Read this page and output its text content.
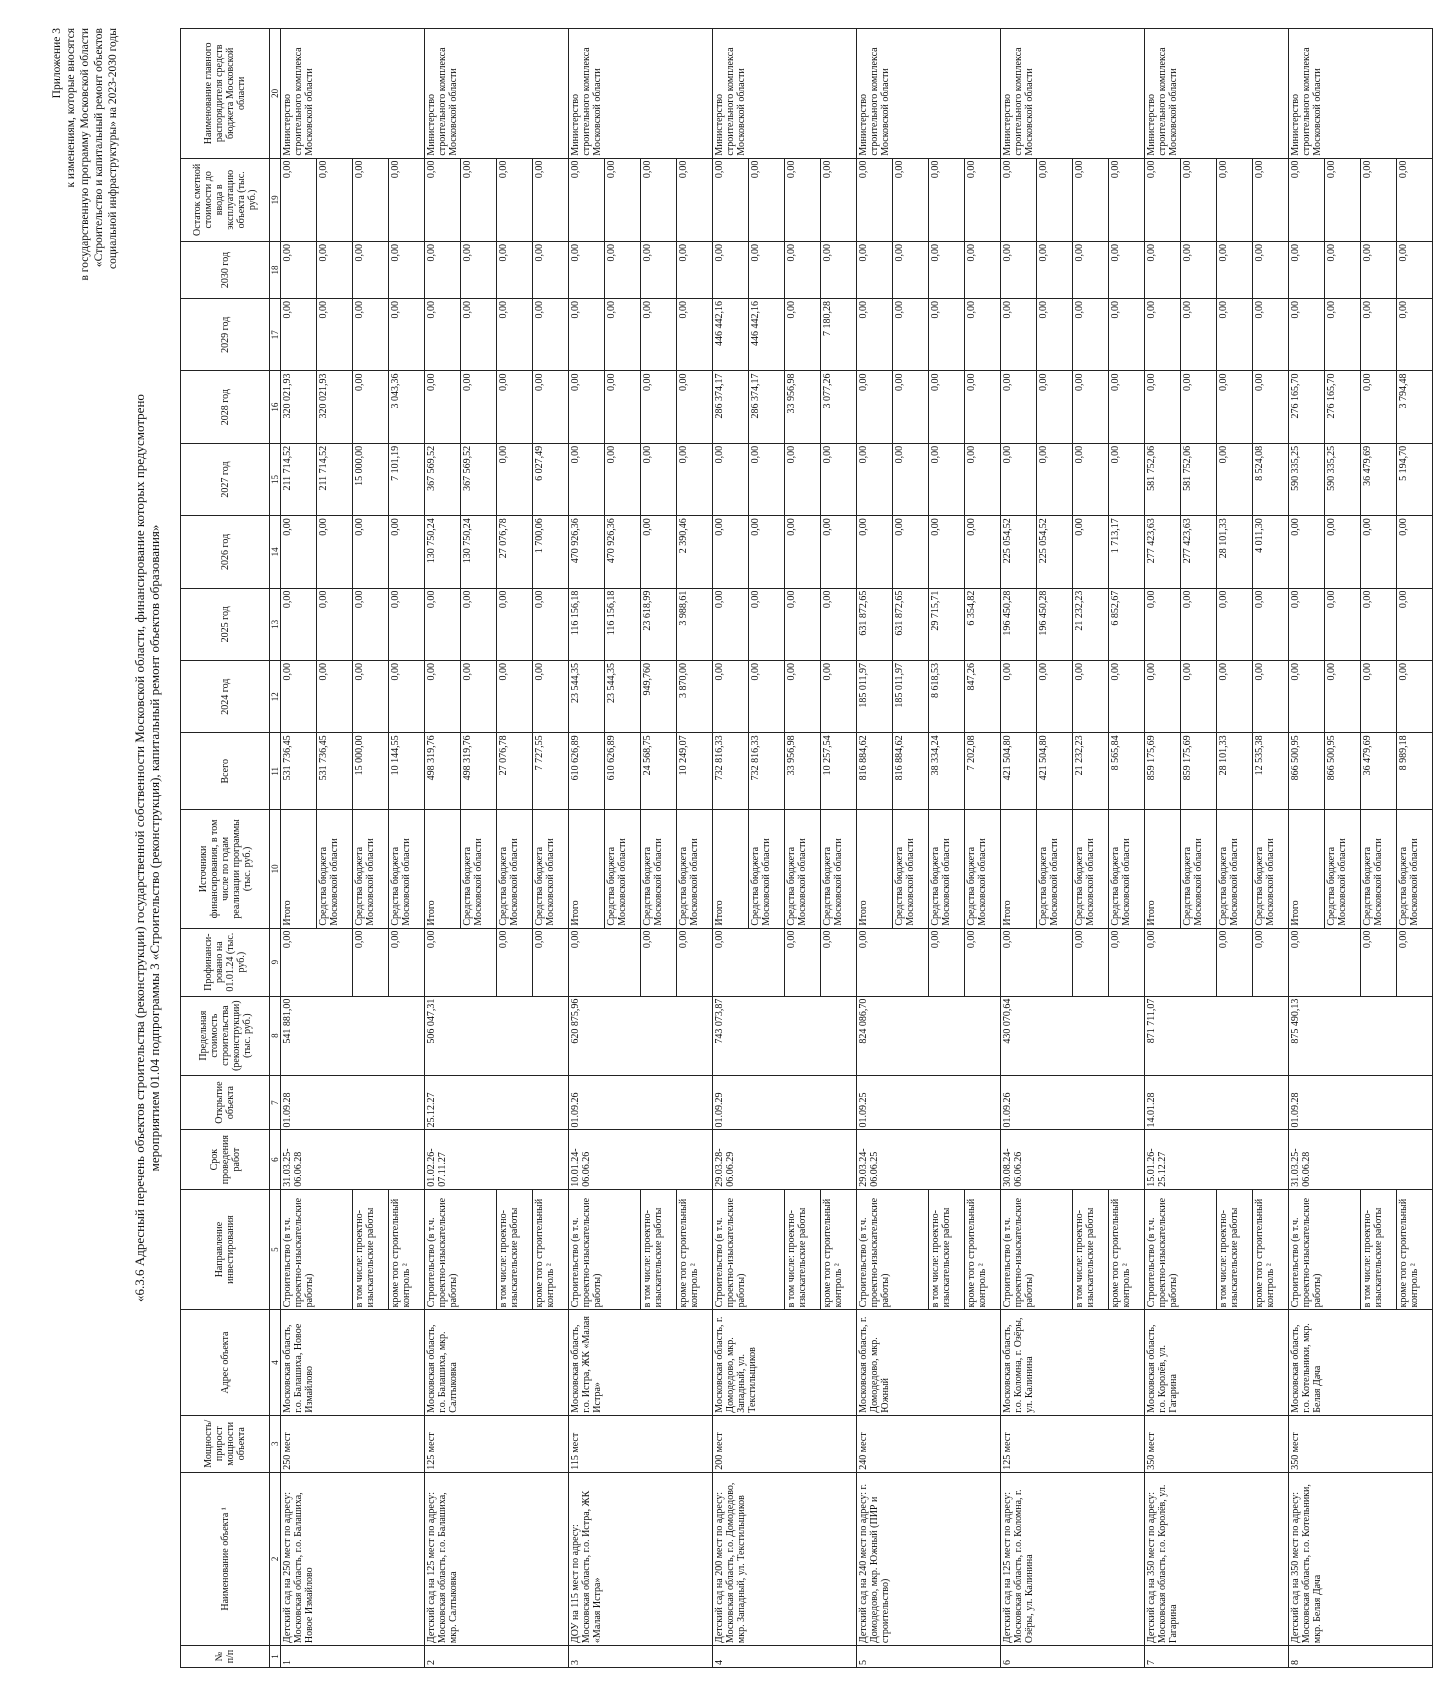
Приложение 3 к изменениям, которые вносятся в государственную программу Московской области «Строительство и капитальный ремонт объектов социальной инфраструктуры» на 2023-2030 годы
«6.3.6 Адресный перечень объектов строительства (реконструкции) государственной собственности Московской области, финансирование которых предусмотрено мероприятием 01.04 подпрограммы 3 «Строительство (реконструкция), капитальный ремонт объектов образования»
№ п/п	Наименование объекта ¹	Мощность/ прирост мощности объекта	Адрес объекта	Направление инвестирования	Срок проведения работ	Открытие объекта	Предельная стоимость строительства (реконструкции) (тыс. руб.)	Профинанси-ровано на 01.01.24 (тыс. руб.)	Источники финансирования, в том числе по годам реализации программы (тыс. руб.)	Всего	2024 год	2025 год	2026 год	2027 год	2028 год	2029 год	2030 год	Остаток сметной стоимости до ввода в эксплуатацию объекта (тыс. руб.)	Наименование главного распорядителя средств бюджета Московской области
1	2	3	4	5	6	7	8	9	10	11	12	13	14	15	16	17	18	19	20
1	Детский сад на 250 мест по адресу: Московская область, г.о. Балашиха, Новое Измайлово	250 мест	Московская область, г.о. Балашиха, Новое Измайлово	Строительство (в т.ч. проектно-изыскательские работы)	31.03.25-06.06.28	01.09.28	541 881,00	0,00	Итого	531 736,45	0,00	0,00	0,00	211 714,52	320 021,93	0,00	0,00	0,00	Министерство строительного комплекса Московской области
									Средства бюджета Московской области	531 736,45	0,00	0,00	0,00	211 714,52	320 021,93	0,00	0,00	0,00	
				в том числе: проектно-изыскательские работы				0,00	Средства бюджета Московской области	15 000,00	0,00	0,00	0,00	15 000,00	0,00	0,00	0,00	0,00	
				кроме того строительный контроль ²				0,00	Средства бюджета Московской области	10 144,55	0,00	0,00	0,00	7 101,19	3 043,36	0,00	0,00	0,00	
2	Детский сад на 125 мест по адресу: Московская область, г.о. Балашиха, мкр. Салтыковка	125 мест	Московская область, г.о. Балашиха, мкр. Салтыковка	Строительство (в т.ч. проектно-изыскательские работы)	01.02.26-07.11.27	25.12.27	506 047,31	0,00	Итого	498 319,76	0,00	0,00	130 750,24	367 569,52	0,00	0,00	0,00	0,00	Министерство строительного комплекса Московской области
									Средства бюджета Московской области	498 319,76	0,00	0,00	130 750,24	367 569,52	0,00	0,00	0,00	0,00	
				в том числе: проектно-изыскательские работы				0,00	Средства бюджета Московской области	27 076,78	0,00	0,00	27 076,78	0,00	0,00	0,00	0,00	0,00	
				кроме того строительный контроль ²				0,00	Средства бюджета Московской области	7 727,55	0,00	0,00	1 700,06	6 027,49	0,00	0,00	0,00	0,00	
3	ДОУ на 115 мест по адресу: Московская область, г.о. Истра, ЖК «Малая Истра»	115 мест	Московская область, г.о. Истра, ЖК «Малая Истра»	Строительство (в т.ч. проектно-изыскательские работы)	10.01.24-06.06.26	01.09.26	620 875,96	0,00	Итого	610 626,89	23 544,35	116 156,18	470 926,36	0,00	0,00	0,00	0,00	0,00	Министерство строительного комплекса Московской области
									Средства бюджета Московской области	610 626,89	23 544,35	116 156,18	470 926,36	0,00	0,00	0,00	0,00	0,00	
				в том числе: проектно-изыскательские работы				0,00	Средства бюджета Московской области	24 568,75	949,760	23 618,99	0,00	0,00	0,00	0,00	0,00	0,00	
				кроме того строительный контроль ²				0,00	Средства бюджета Московской области	10 249,07	3 870,00	3 988,61	2 390,46	0,00	0,00	0,00	0,00	0,00	
4	Детский сад на 200 мест по адресу: Московская область, г.о. Домодедово, мкр. Западный, ул. Текстильщиков	200 мест	Московская область, г. Домодедово, мкр. Западный, ул. Текстильщиков	Строительство (в т.ч. проектно-изыскательские работы)	29.03.28-06.06.29	01.09.29	743 073,87	0,00	Итого	732 816,33	0,00	0,00	0,00	0,00	286 374,17	446 442,16	0,00	0,00	Министерство строительного комплекса Московской области
									Средства бюджета Московской области	732 816,33	0,00	0,00	0,00	0,00	286 374,17	446 442,16	0,00	0,00	
				в том числе: проектно-изыскательские работы				0,00	Средства бюджета Московской области	33 956,98	0,00	0,00	0,00	0,00	33 956,98	0,00	0,00	0,00	
				кроме того строительный контроль ²				0,00	Средства бюджета Московской области	10 257,54	0,00	0,00	0,00	0,00	3 077,26	7 180,28	0,00	0,00	
5	Детский сад на 240 мест по адресу: г. Домодедово, мкр. Южный (ПИР и строительство)	240 мест	Московская область, г. Домодедово, мкр. Южный	Строительство (в т.ч. проектно-изыскательские работы)	29.03.24-06.06.25	01.09.25	824 086,70	0,00	Итого	816 884,62	185 011,97	631 872,65	0,00	0,00	0,00	0,00	0,00	0,00	Министерство строительного комплекса Московской области
									Средства бюджета Московской области	816 884,62	185 011,97	631 872,65	0,00	0,00	0,00	0,00	0,00	0,00	
				в том числе: проектно-изыскательские работы				0,00	Средства бюджета Московской области	38 334,24	8 618,53	29 715,71	0,00	0,00	0,00	0,00	0,00	0,00	
				кроме того строительный контроль ²				0,00	Средства бюджета Московской области	7 202,08	847,26	6 354,82	0,00	0,00	0,00	0,00	0,00	0,00	
6	Детский сад на 125 мест по адресу: Московская область, г.о. Коломна, г. Озёры, ул. Калинина	125 мест	Московская область, г.о. Коломна, г. Озёры, ул. Калинина	Строительство (в т.ч. проектно-изыскательские работы)	30.08.24-06.06.26	01.09.26	430 070,64	0,00	Итого	421 504,80	0,00	196 450,28	225 054,52	0,00	0,00	0,00	0,00	0,00	Министерство строительного комплекса Московской области
									Средства бюджета Московской области	421 504,80	0,00	196 450,28	225 054,52	0,00	0,00	0,00	0,00	0,00	
				в том числе: проектно-изыскательские работы				0,00	Средства бюджета Московской области	21 232,23	0,00	21 232,23	0,00	0,00	0,00	0,00	0,00	0,00	
				кроме того строительный контроль ²				0,00	Средства бюджета Московской области	8 565,84	0,00	6 852,67	1 713,17	0,00	0,00	0,00	0,00	0,00	
7	Детский сад на 350 мест по адресу: Московская область, г.о. Королёв, ул. Гагарина	350 мест	Московская область, г.о. Королёв, ул. Гагарина	Строительство (в т.ч. проектно-изыскательские работы)	15.01.26-25.12.27	14.01.28	871 711,07	0,00	Итого	859 175,69	0,00	0,00	277 423,63	581 752,06	0,00	0,00	0,00	0,00	Министерство строительного комплекса Московской области
									Средства бюджета Московской области	859 175,69	0,00	0,00	277 423,63	581 752,06	0,00	0,00	0,00	0,00	
				в том числе: проектно-изыскательские работы				0,00	Средства бюджета Московской области	28 101,33	0,00	0,00	28 101,33	0,00	0,00	0,00	0,00	0,00	
				кроме того строительный контроль ²				0,00	Средства бюджета Московской области	12 535,38	0,00	0,00	4 011,30	8 524,08	0,00	0,00	0,00	0,00	
8	Детский сад на 350 мест по адресу: Московская область, г.о. Котельники, мкр. Белая Дача	350 мест	Московская область, г.о. Котельники, мкр. Белая Дача	Строительство (в т.ч. проектно-изыскательские работы)	31.03.25-06.06.28	01.09.28	875 490,13	0,00	Итого	866 500,95	0,00	0,00	0,00	590 335,25	276 165,70	0,00	0,00	0,00	Министерство строительного комплекса Московской области
									Средства бюджета Московской области	866 500,95	0,00	0,00	0,00	590 335,25	276 165,70	0,00	0,00	0,00	
				в том числе: проектно-изыскательские работы				0,00	Средства бюджета Московской области	36 479,69	0,00	0,00	0,00	36 479,69	0,00	0,00	0,00	0,00	
				кроме того строительный контроль ²				0,00	Средства бюджета Московской области	8 989,18	0,00	0,00	0,00	5 194,70	3 794,48	0,00	0,00	0,00	
